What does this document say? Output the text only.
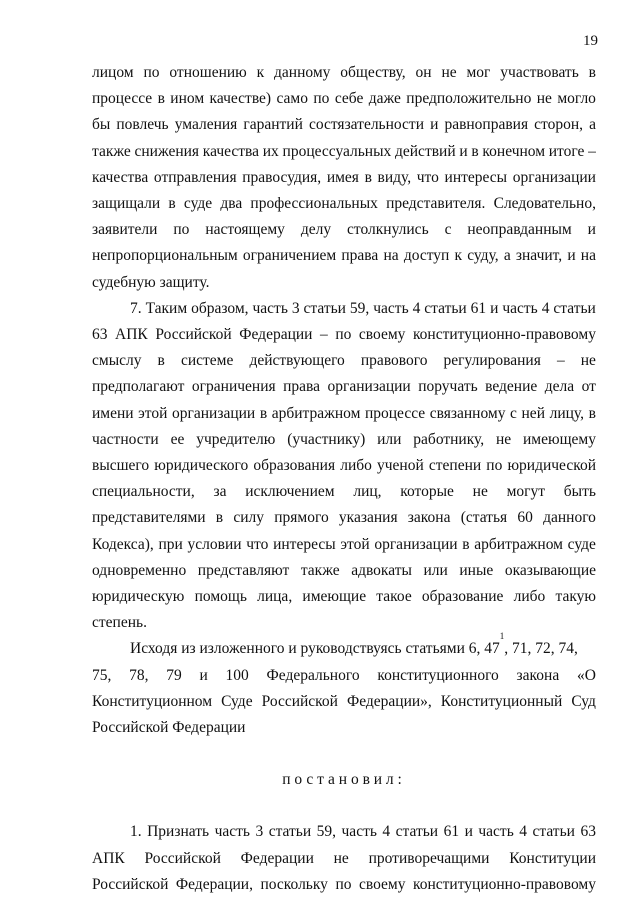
19
лицом по отношению к данному обществу, он не мог участвовать в
процессе в ином качестве) само по себе даже предположительно не могло
бы повлечь умаления гарантий состязательности и равноправия сторон, а
также снижения качества их процессуальных действий и в конечном итоге –
качества отправления правосудия, имея в виду, что интересы организации
защищали в суде два профессиональных представителя. Следовательно,
заявители по настоящему делу столкнулись с неоправданным и
непропорциональным ограничением права на доступ к суду, а значит, и на
судебную защиту.
7. Таким образом, часть 3 статьи 59, часть 4 статьи 61 и часть 4 статьи
63 АПК Российской Федерации – по своему конституционно-правовому
смыслу в системе действующего правового регулирования – не
предполагают ограничения права организации поручать ведение дела от
имени этой организации в арбитражном процессе связанному с ней лицу, в
частности ее учредителю (участнику) или работнику, не имеющему
высшего юридического образования либо ученой степени по юридической
специальности, за исключением лиц, которые не могут быть
представителями в силу прямого указания закона (статья 60 данного
Кодекса), при условии что интересы этой организации в арбитражном суде
одновременно представляют также адвокаты или иные оказывающие
юридическую помощь лица, имеющие такое образование либо такую
степень.
Исходя из изложенного и руководствуясь статьями 6, 47
1
, 71, 72, 74,
75, 78, 79 и 100 Федерального конституционного закона «О
Конституционном Суде Российской Федерации», Конституционный Суд
Российской Федерации
постановил:
1. Признать часть 3 статьи 59, часть 4 статьи 61 и часть 4 статьи 63
АПК Российской Федерации не противоречащими Конституции
Российской Федерации, поскольку по своему конституционно-правовому
